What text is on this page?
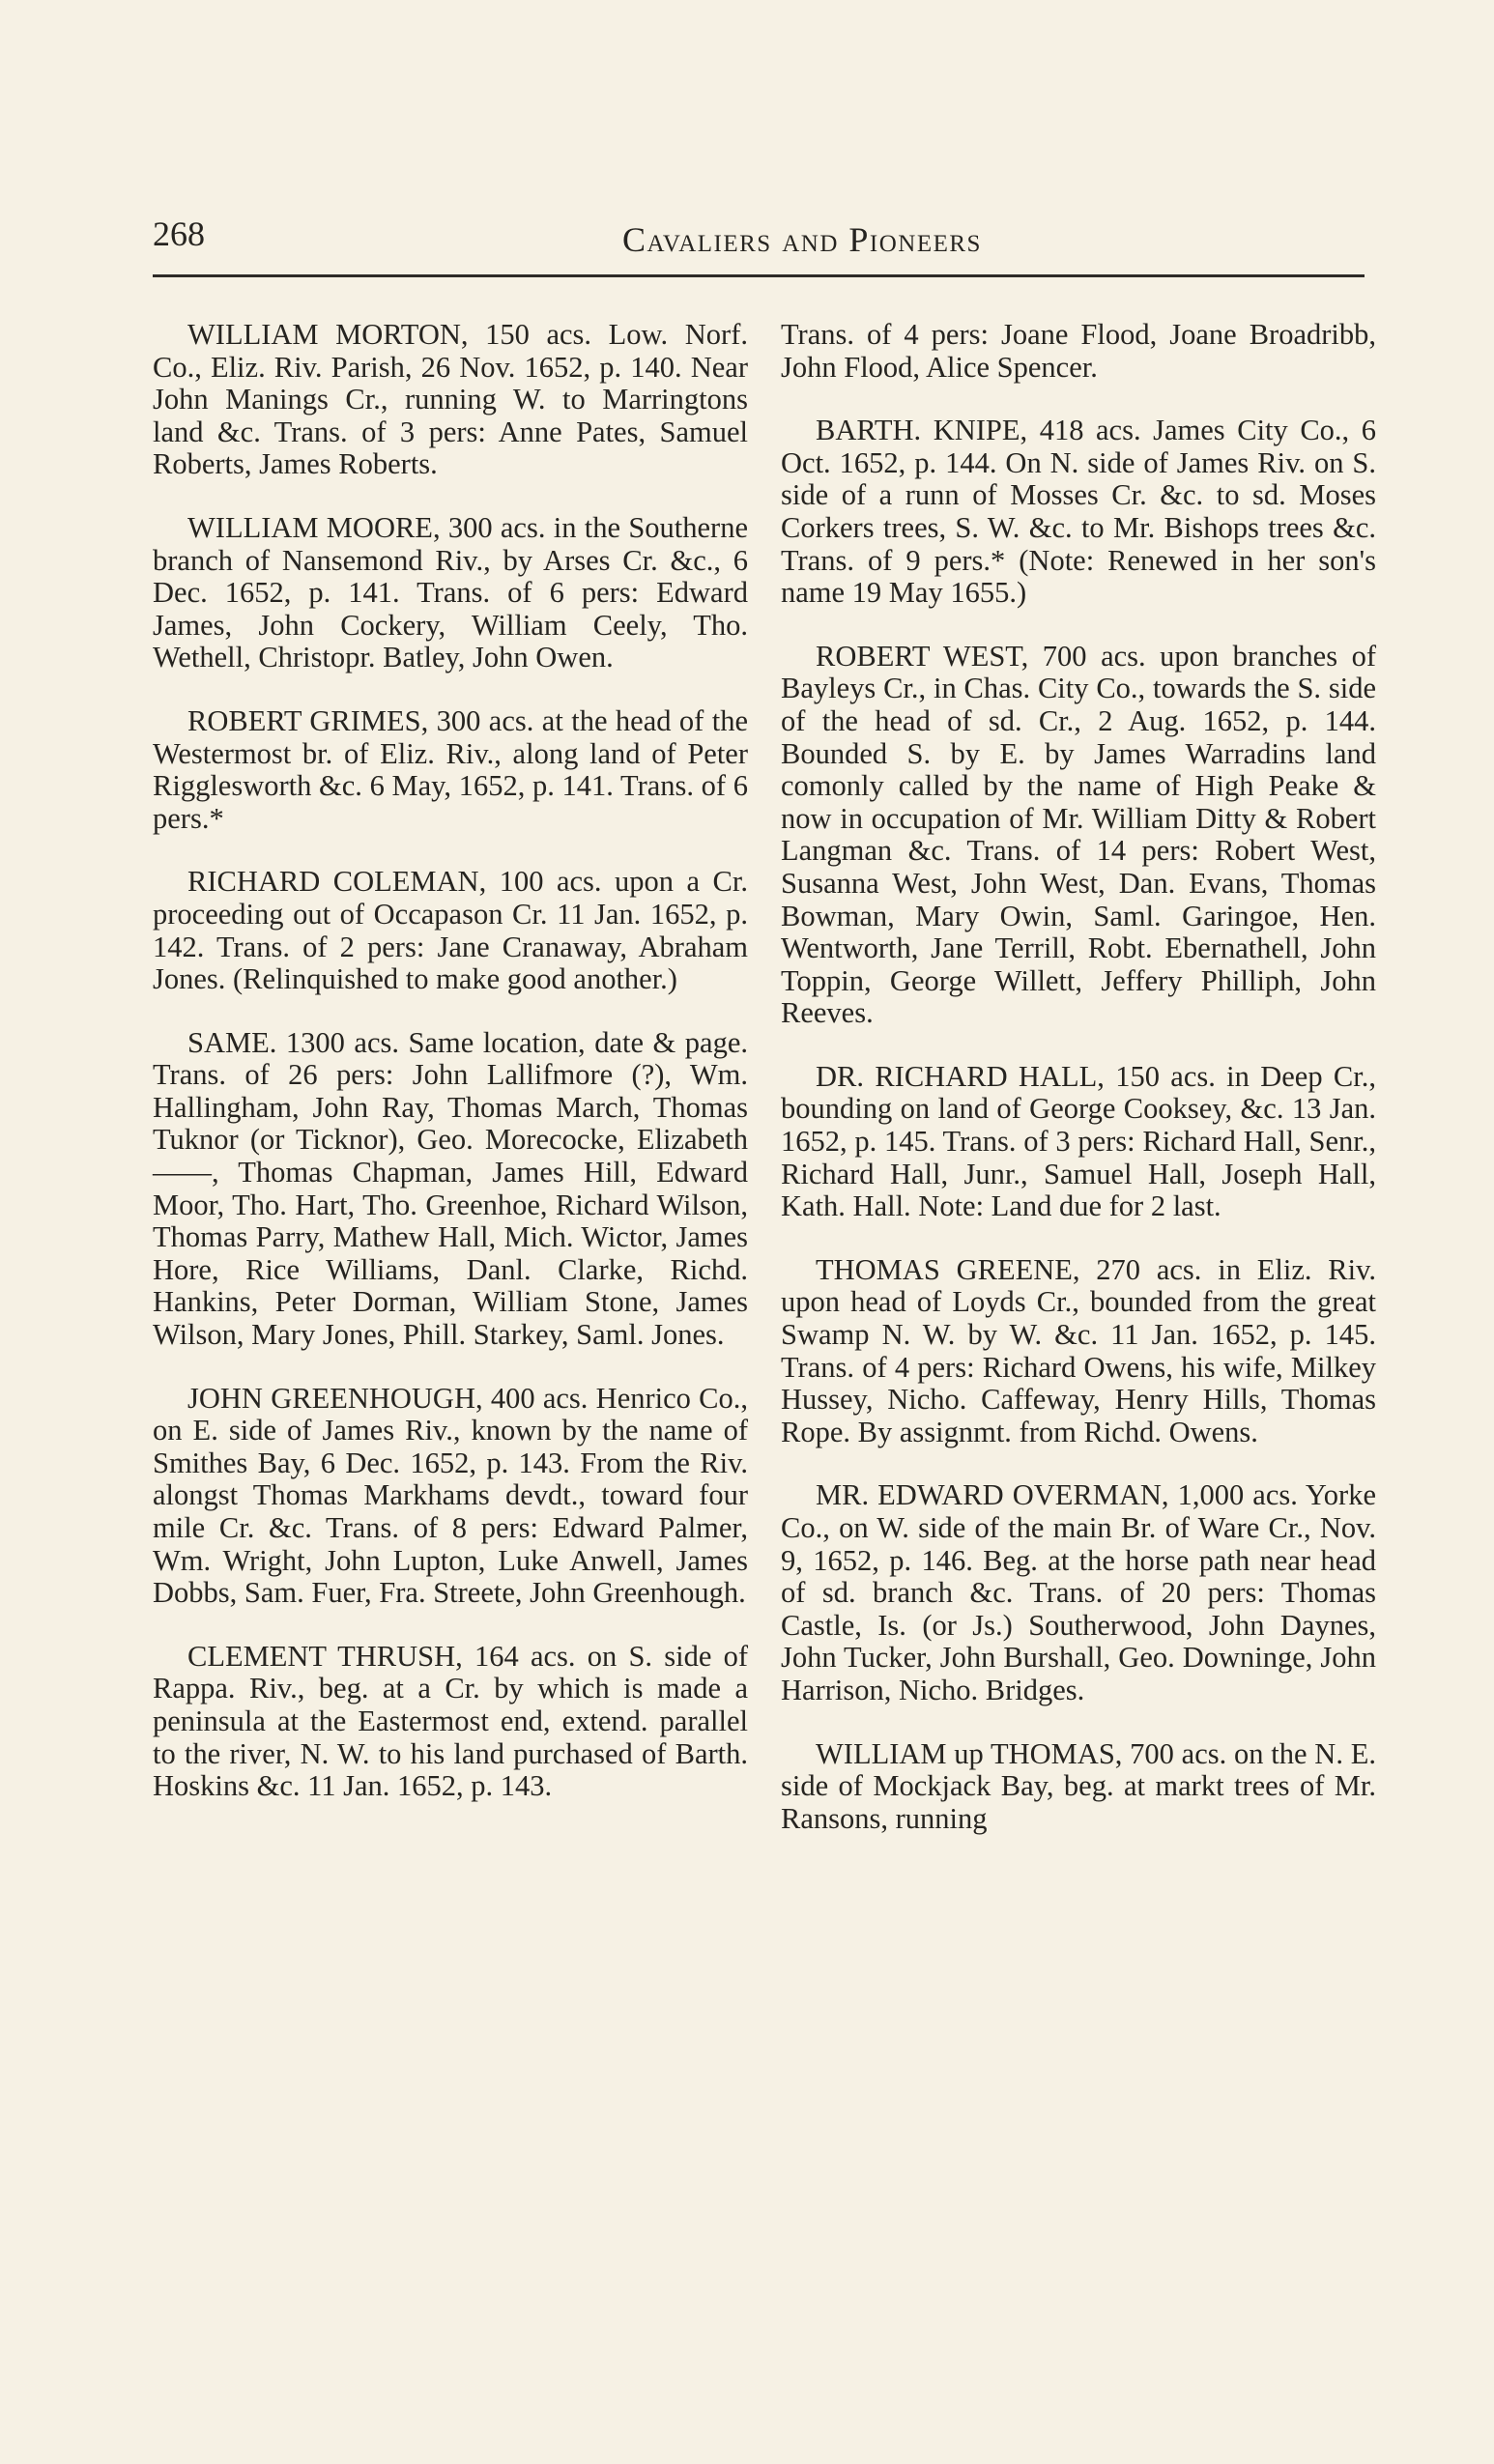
268	Cavaliers and Pioneers

WILLIAM MORTON, 150 acs. Low. Norf. Co., Eliz. Riv. Parish, 26 Nov. 1652, p. 140. Near John Manings Cr., running W. to Marringtons land &c. Trans. of 3 pers: Anne Pates, Samuel Roberts, James Roberts.

WILLIAM MOORE, 300 acs. in the Southerne branch of Nansemond Riv., by Arses Cr. &c., 6 Dec. 1652, p. 141. Trans. of 6 pers: Edward James, John Cockery, William Ceely, Tho. Wethell, Christopr. Batley, John Owen.

ROBERT GRIMES, 300 acs. at the head of the Westermost br. of Eliz. Riv., along land of Peter Rigglesworth &c. 6 May, 1652, p. 141. Trans. of 6 pers.*

RICHARD COLEMAN, 100 acs. upon a Cr. proceeding out of Occapason Cr. 11 Jan. 1652, p. 142. Trans. of 2 pers: Jane Cranaway, Abraham Jones. (Relinquished to make good another.)

SAME. 1300 acs. Same location, date & page. Trans. of 26 pers: John Lallifmore (?), Wm. Hallingham, John Ray, Thomas March, Thomas Tuknor (or Ticknor), Geo. Morecocke, Elizabeth ——, Thomas Chapman, James Hill, Edward Moor, Tho. Hart, Tho. Greenhoe, Richard Wilson, Thomas Parry, Mathew Hall, Mich. Wictor, James Hore, Rice Williams, Danl. Clarke, Richd. Hankins, Peter Dorman, William Stone, James Wilson, Mary Jones, Phill. Starkey, Saml. Jones.

JOHN GREENHOUGH, 400 acs. Henrico Co., on E. side of James Riv., known by the name of Smithes Bay, 6 Dec. 1652, p. 143. From the Riv. alongst Thomas Markhams devdt., toward four mile Cr. &c. Trans. of 8 pers: Edward Palmer, Wm. Wright, John Lupton, Luke Anwell, James Dobbs, Sam. Fuer, Fra. Streete, John Greenhough.

CLEMENT THRUSH, 164 acs. on S. side of Rappa. Riv., beg. at a Cr. by which is made a peninsula at the Eastermost end, extend. parallel to the river, N. W. to his land purchased of Barth. Hoskins &c. 11 Jan. 1652, p. 143.

Trans. of 4 pers: Joane Flood, Joane Broadribb, John Flood, Alice Spencer.

BARTH. KNIPE, 418 acs. James City Co., 6 Oct. 1652, p. 144. On N. side of James Riv. on S. side of a runn of Mosses Cr. &c. to sd. Moses Corkers trees, S. W. &c. to Mr. Bishops trees &c. Trans. of 9 pers.* (Note: Renewed in her son's name 19 May 1655.)

ROBERT WEST, 700 acs. upon branches of Bayleys Cr., in Chas. City Co., towards the S. side of the head of sd. Cr., 2 Aug. 1652, p. 144. Bounded S. by E. by James Warradins land comonly called by the name of High Peake & now in occupation of Mr. William Ditty & Robert Langman &c. Trans. of 14 pers: Robert West, Susanna West, John West, Dan. Evans, Thomas Bowman, Mary Owin, Saml. Garingoe, Hen. Wentworth, Jane Terrill, Robt. Ebernathell, John Toppin, George Willett, Jeffery Philliph, John Reeves.

DR. RICHARD HALL, 150 acs. in Deep Cr., bounding on land of George Cooksey, &c. 13 Jan. 1652, p. 145. Trans. of 3 pers: Richard Hall, Senr., Richard Hall, Junr., Samuel Hall, Joseph Hall, Kath. Hall. Note: Land due for 2 last.

THOMAS GREENE, 270 acs. in Eliz. Riv. upon head of Loyds Cr., bounded from the great Swamp N. W. by W. &c. 11 Jan. 1652, p. 145. Trans. of 4 pers: Richard Owens, his wife, Milkey Hussey, Nicho. Caffeway, Henry Hills, Thomas Rope. By assignmt. from Richd. Owens.

MR. EDWARD OVERMAN, 1,000 acs. Yorke Co., on W. side of the main Br. of Ware Cr., Nov. 9, 1652, p. 146. Beg. at the horse path near head of sd. branch &c. Trans. of 20 pers: Thomas Castle, Is. (or Js.) Southerwood, John Daynes, John Tucker, John Burshall, Geo. Downinge, John Harrison, Nicho. Bridges.

WILLIAM up THOMAS, 700 acs. on the N. E. side of Mockjack Bay, beg. at markt trees of Mr. Ransons, running
